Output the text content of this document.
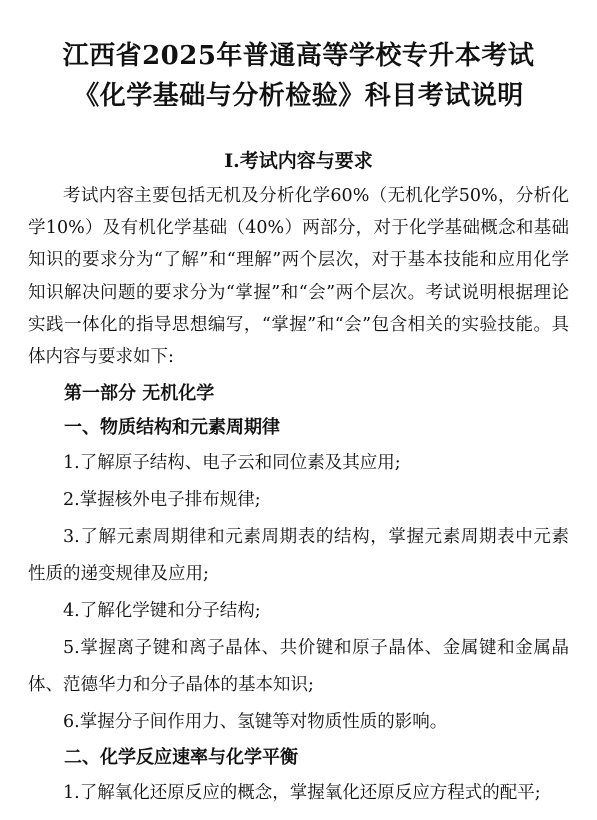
江西省2025年普通高等学校专升本考试
《化学基础与分析检验》科目考试说明
Ⅰ.考试内容与要求

考试内容主要包括无机及分析化学60%（无机化学50%，分析化学10%）及有机化学基础（40%）两部分，对于化学基础概念和基础知识的要求分为“了解”和“理解”两个层次，对于基本技能和应用化学知识解决问题的要求分为“掌握”和“会”两个层次。考试说明根据理论实践一体化的指导思想编写，“掌握”和“会”包含相关的实验技能。具体内容与要求如下:

第一部分 无机化学

一、物质结构和元素周期律

1.了解原子结构、电子云和同位素及其应用;

2.掌握核外电子排布规律;

3.了解元素周期律和元素周期表的结构，掌握元素周期表中元素性质的递变规律及应用;

4.了解化学键和分子结构;

5.掌握离子键和离子晶体、共价键和原子晶体、金属键和金属晶体、范德华力和分子晶体的基本知识;

6.掌握分子间作用力、氢键等对物质性质的影响。

二、化学反应速率与化学平衡

1.了解氧化还原反应的概念，掌握氧化还原反应方程式的配平;
